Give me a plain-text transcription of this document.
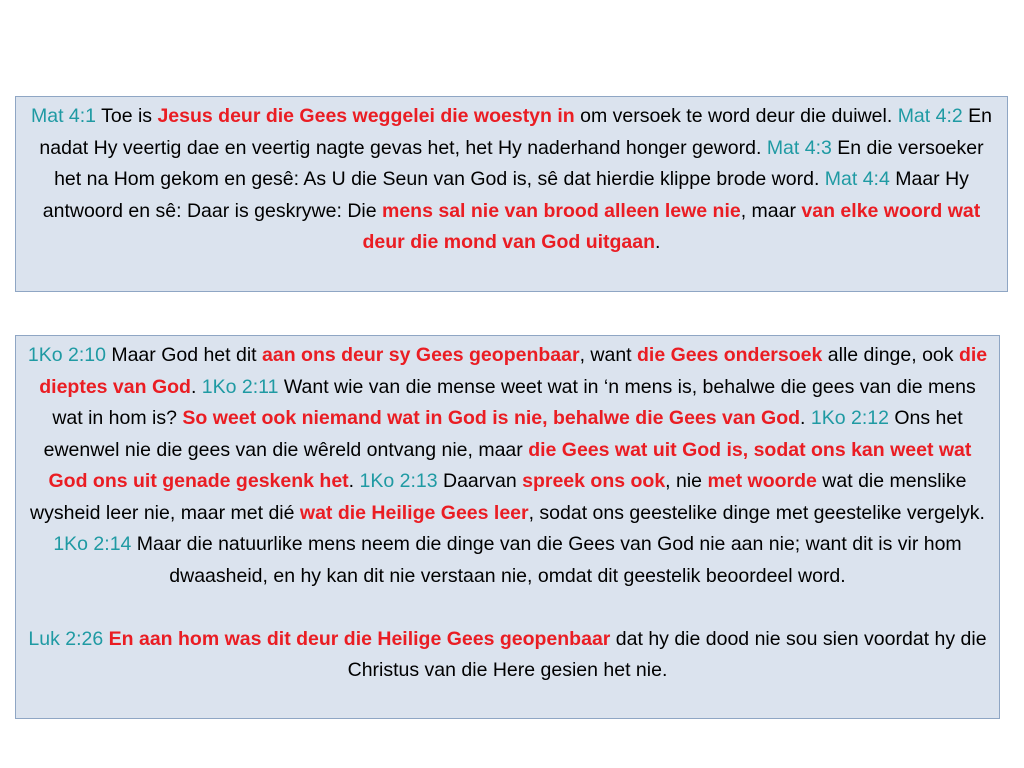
Mat 4:1 Toe is Jesus deur die Gees weggelei die woestyn in om versoek te word deur die duiwel. Mat 4:2 En nadat Hy veertig dae en veertig nagte gevas het, het Hy naderhand honger geword. Mat 4:3 En die versoeker het na Hom gekom en gesê: As U die Seun van God is, sê dat hierdie klippe brode word. Mat 4:4 Maar Hy antwoord en sê: Daar is geskrywe: Die mens sal nie van brood alleen lewe nie, maar van elke woord wat deur die mond van God uitgaan.

1Ko 2:10 Maar God het dit aan ons deur sy Gees geopenbaar, want die Gees ondersoek alle dinge, ook die dieptes van God. 1Ko 2:11 Want wie van die mense weet wat in ‘n mens is, behalwe die gees van die mens wat in hom is? So weet ook niemand wat in God is nie, behalwe die Gees van God. 1Ko 2:12 Ons het ewenwel nie die gees van die wêreld ontvang nie, maar die Gees wat uit God is, sodat ons kan weet wat God ons uit genade geskenk het. 1Ko 2:13 Daarvan spreek ons ook, nie met woorde wat die menslike wysheid leer nie, maar met dié wat die Heilige Gees leer, sodat ons geestelike dinge met geestelike vergelyk. 1Ko 2:14 Maar die natuurlike mens neem die dinge van die Gees van God nie aan nie; want dit is vir hom dwaasheid, en hy kan dit nie verstaan nie, omdat dit geestelik beoordeel word.

Luk 2:26 En aan hom was dit deur die Heilige Gees geopenbaar dat hy die dood nie sou sien voordat hy die Christus van die Here gesien het nie.
